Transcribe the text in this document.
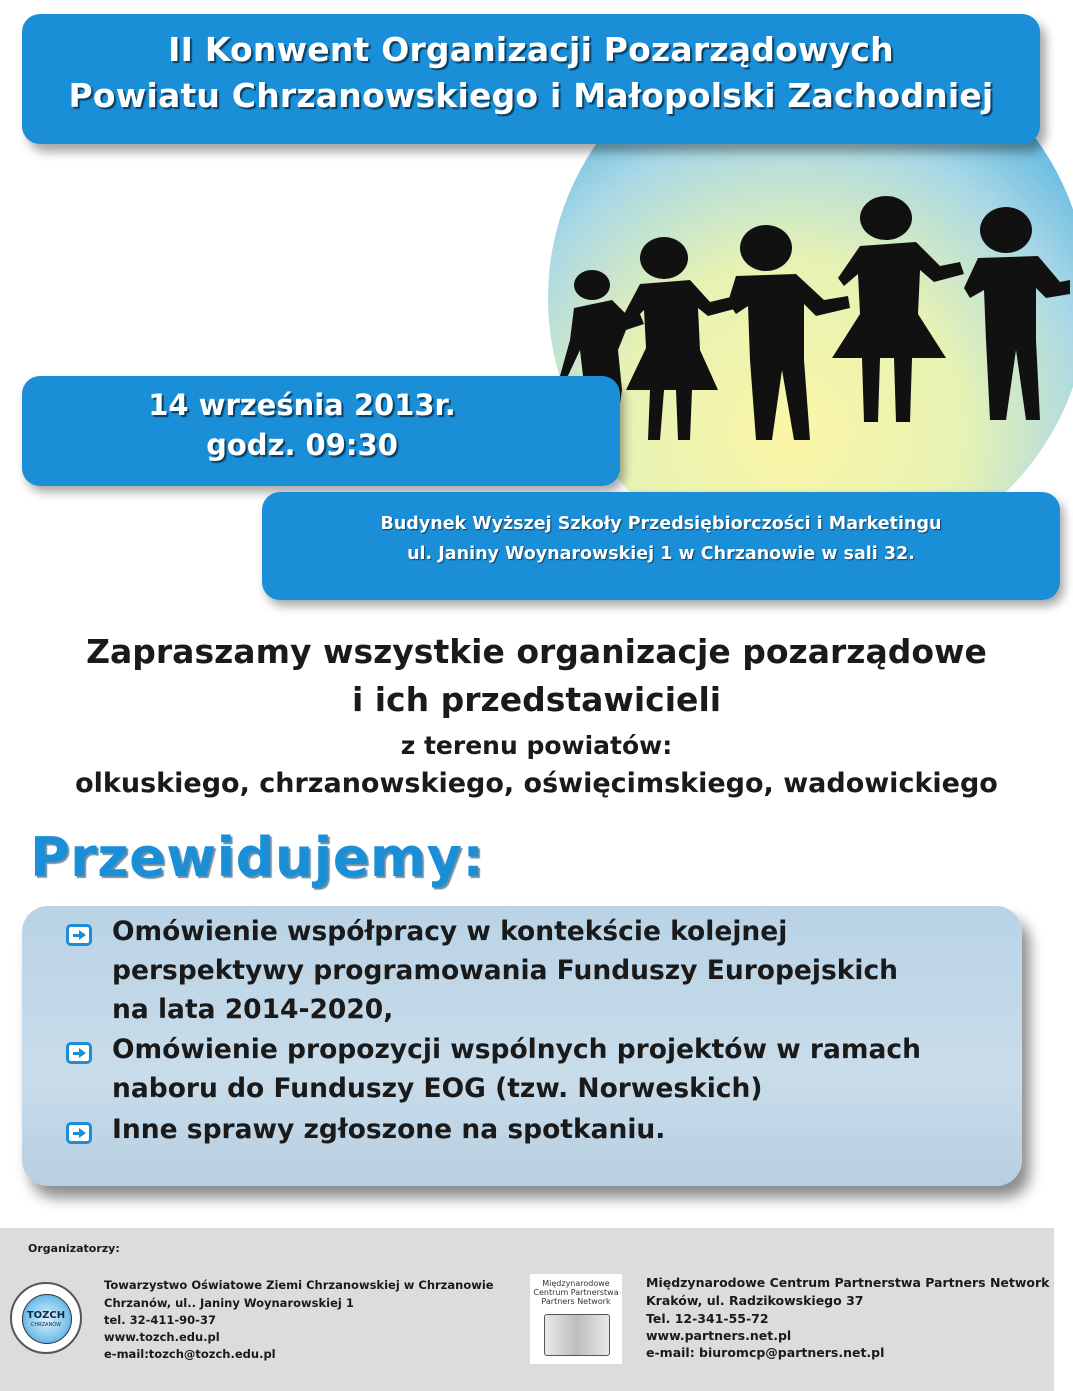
II Konwent Organizacji Pozarządowych
Powiatu Chrzanowskiego i Małopolski Zachodniej
14 września 2013r.
godz. 09:30
Budynek Wyższej Szkoły Przedsiębiorczości i Marketingu
ul. Janiny Woynarowskiej 1 w Chrzanowie w sali 32.
Zapraszamy wszystkie organizacje pozarządowe
i ich przedstawicieli
z terenu powiatów:
olkuskiego, chrzanowskiego, oświęcimskiego, wadowickiego
Przewidujemy:
Omówienie współpracy w kontekście kolejnej
perspektywy programowania Funduszy Europejskich
na lata 2014-2020,
Omówienie propozycji wspólnych projektów w ramach
naboru do Funduszy EOG (tzw. Norweskich)
Inne sprawy zgłoszone na spotkaniu.
Organizatorzy:
TOZCH
CHRZANÓW
Towarzystwo Oświatowe Ziemi Chrzanowskiej w Chrzanowie
Chrzanów, ul.. Janiny Woynarowskiej 1
tel. 32-411-90-37
www.tozch.edu.pl
e-mail:tozch@tozch.edu.pl
Międzynarodowe
Centrum Partnerstwa
Partners Network
Międzynarodowe Centrum Partnerstwa Partners Network
Kraków, ul. Radzikowskiego 37
Tel. 12-341-55-72
www.partners.net.pl
e-mail: biuromcp@partners.net.pl
